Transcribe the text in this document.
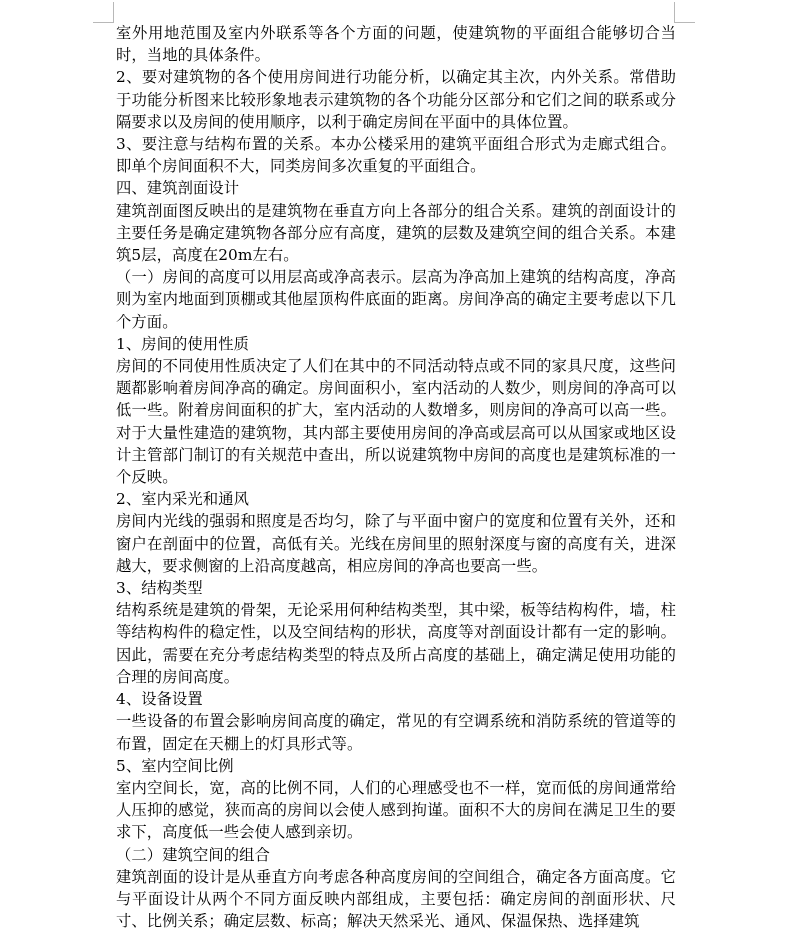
室外用地范围及室内外联系等各个方面的问题，使建筑物的平面组合能够切合当时，当地的具体条件。

2、要对建筑物的各个使用房间进行功能分析，以确定其主次，内外关系。常借助于功能分析图来比较形象地表示建筑物的各个功能分区部分和它们之间的联系或分隔要求以及房间的使用顺序，以利于确定房间在平面中的具体位置。

3、要注意与结构布置的关系。本办公楼采用的建筑平面组合形式为走廊式组合。即单个房间面积不大，同类房间多次重复的平面组合。

四、建筑剖面设计

建筑剖面图反映出的是建筑物在垂直方向上各部分的组合关系。建筑的剖面设计的主要任务是确定建筑物各部分应有高度，建筑的层数及建筑空间的组合关系。本建筑5层，高度在20m左右。

（一）房间的高度可以用层高或净高表示。层高为净高加上建筑的结构高度，净高则为室内地面到顶棚或其他屋顶构件底面的距离。房间净高的确定主要考虑以下几个方面。

1、房间的使用性质

房间的不同使用性质决定了人们在其中的不同活动特点或不同的家具尺度，这些问题都影响着房间净高的确定。房间面积小，室内活动的人数少，则房间的净高可以低一些。附着房间面积的扩大，室内活动的人数增多，则房间的净高可以高一些。对于大量性建造的建筑物，其内部主要使用房间的净高或层高可以从国家或地区设计主管部门制订的有关规范中查出，所以说建筑物中房间的高度也是建筑标准的一个反映。

2、室内采光和通风

房间内光线的强弱和照度是否均匀，除了与平面中窗户的宽度和位置有关外，还和窗户在剖面中的位置，高低有关。光线在房间里的照射深度与窗的高度有关，进深越大，要求侧窗的上沿高度越高，相应房间的净高也要高一些。

3、结构类型

结构系统是建筑的骨架，无论采用何种结构类型，其中梁，板等结构构件，墙，柱等结构构件的稳定性，以及空间结构的形状，高度等对剖面设计都有一定的影响。因此，需要在充分考虑结构类型的特点及所占高度的基础上，确定满足使用功能的合理的房间高度。

4、设备设置

一些设备的布置会影响房间高度的确定，常见的有空调系统和消防系统的管道等的布置，固定在天棚上的灯具形式等。

5、室内空间比例

室内空间长，宽，高的比例不同，人们的心理感受也不一样，宽而低的房间通常给人压抑的感觉，狭而高的房间以会使人感到拘谨。面积不大的房间在满足卫生的要求下，高度低一些会使人感到亲切。

（二）建筑空间的组合

建筑剖面的设计是从垂直方向考虑各种高度房间的空间组合，确定各方面高度。它与平面设计从两个不同方面反映内部组成，主要包括：确定房间的剖面形状、尺寸、比例关系；确定层数、标高；解决天然采光、通风、保温保热、选择建筑
